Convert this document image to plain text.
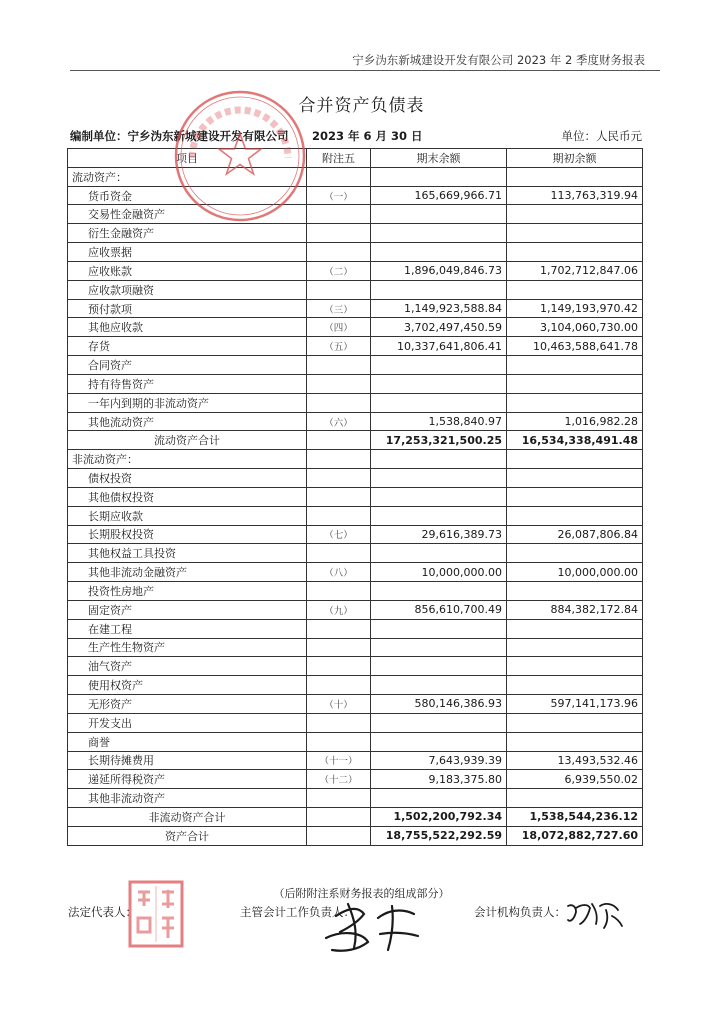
宁乡沩东新城建设开发有限公司 2023 年 2 季度财务报表
合并资产负债表
编制单位：宁乡沩东新城建设开发有限公司 2023 年 6 月 30 日	单位：人民币元
项目	附注五	期末余额	期初余额
流动资产：			
货币资金	（一）	165,669,966.71	113,763,319.94
交易性金融资产			
衍生金融资产			
应收票据			
应收账款	（二）	1,896,049,846.73	1,702,712,847.06
应收款项融资			
预付款项	（三）	1,149,923,588.84	1,149,193,970.42
其他应收款	（四）	3,702,497,450.59	3,104,060,730.00
存货	（五）	10,337,641,806.41	10,463,588,641.78
合同资产			
持有待售资产			
一年内到期的非流动资产			
其他流动资产	（六）	1,538,840.97	1,016,982.28
流动资产合计		17,253,321,500.25	16,534,338,491.48
非流动资产：			
债权投资			
其他债权投资			
长期应收款			
长期股权投资	（七）	29,616,389.73	26,087,806.84
其他权益工具投资			
其他非流动金融资产	（八）	10,000,000.00	10,000,000.00
投资性房地产			
固定资产	（九）	856,610,700.49	884,382,172.84
在建工程			
生产性生物资产			
油气资产			
使用权资产			
无形资产	（十）	580,146,386.93	597,141,173.96
开发支出			
商誉			
长期待摊费用	（十一）	7,643,939.39	13,493,532.46
递延所得税资产	（十二）	9,183,375.80	6,939,550.02
其他非流动资产			
非流动资产合计		1,502,200,792.34	1,538,544,236.12
资产合计		18,755,522,292.59	18,072,882,727.60
（后附附注系财务报表的组成部分）
法定代表人：	主管会计工作负责人：	会计机构负责人：
